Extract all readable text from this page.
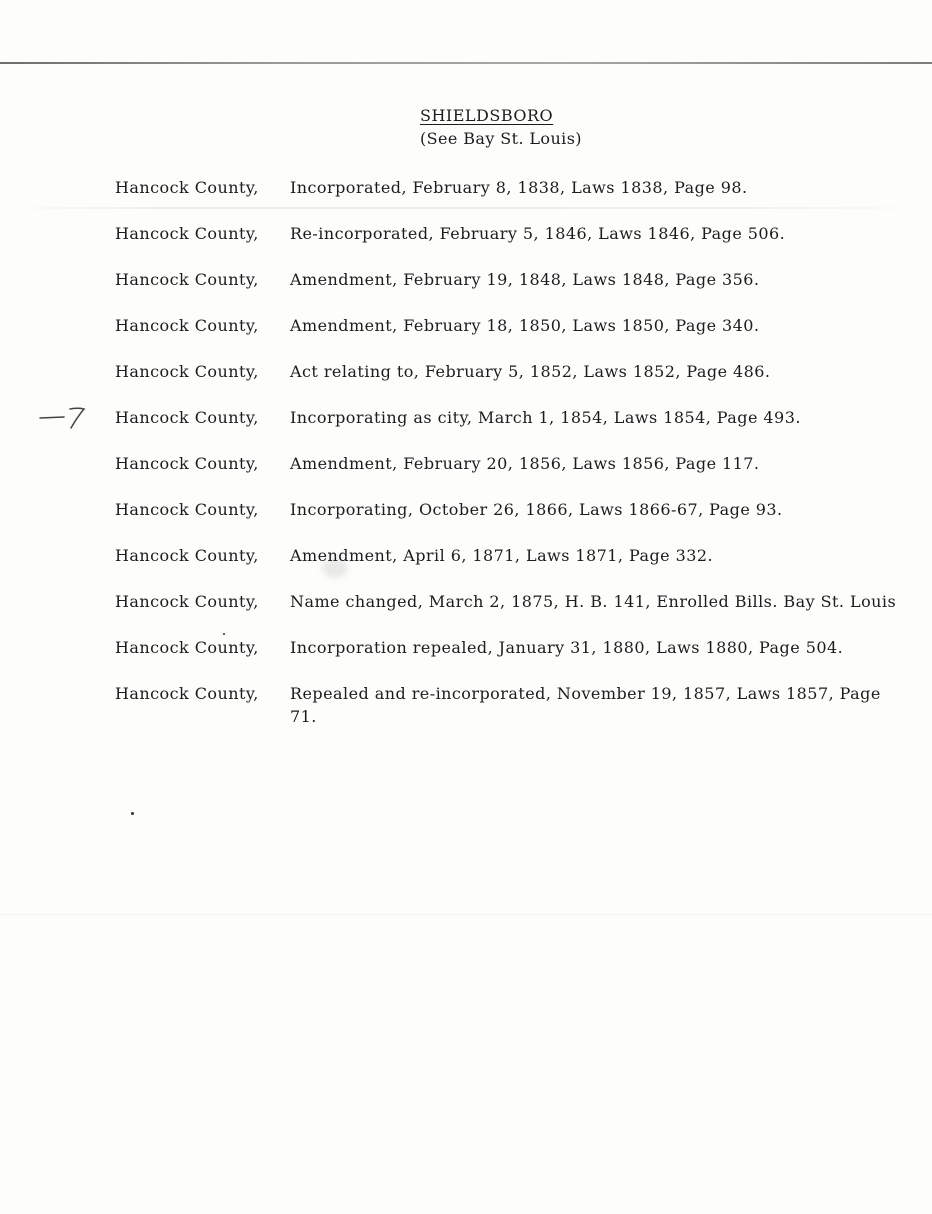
SHIELDSBORO
(See Bay St. Louis)
Hancock County,	Incorporated, February 8, 1838, Laws 1838, Page 98.
Hancock County,	Re-incorporated, February 5, 1846, Laws 1846, Page 506.
Hancock County,	Amendment, February 19, 1848, Laws 1848, Page 356.
Hancock County,	Amendment, February 18, 1850, Laws 1850, Page 340.
Hancock County,	Act relating to, February 5, 1852, Laws 1852, Page 486.
Hancock County,	Incorporating as city, March 1, 1854, Laws 1854, Page 493.
Hancock County,	Amendment, February 20, 1856, Laws 1856, Page 117.
Hancock County,	Incorporating, October 26, 1866, Laws 1866-67, Page 93.
Hancock County,	Amendment, April 6, 1871, Laws 1871, Page 332.
Hancock County,	Name changed, March 2, 1875, H. B. 141, Enrolled Bills. Bay St. Louis
Hancock County,	Incorporation repealed, January 31, 1880, Laws 1880, Page 504.
Hancock County,	Repealed and re-incorporated, November 19, 1857, Laws 1857, Page 71.
